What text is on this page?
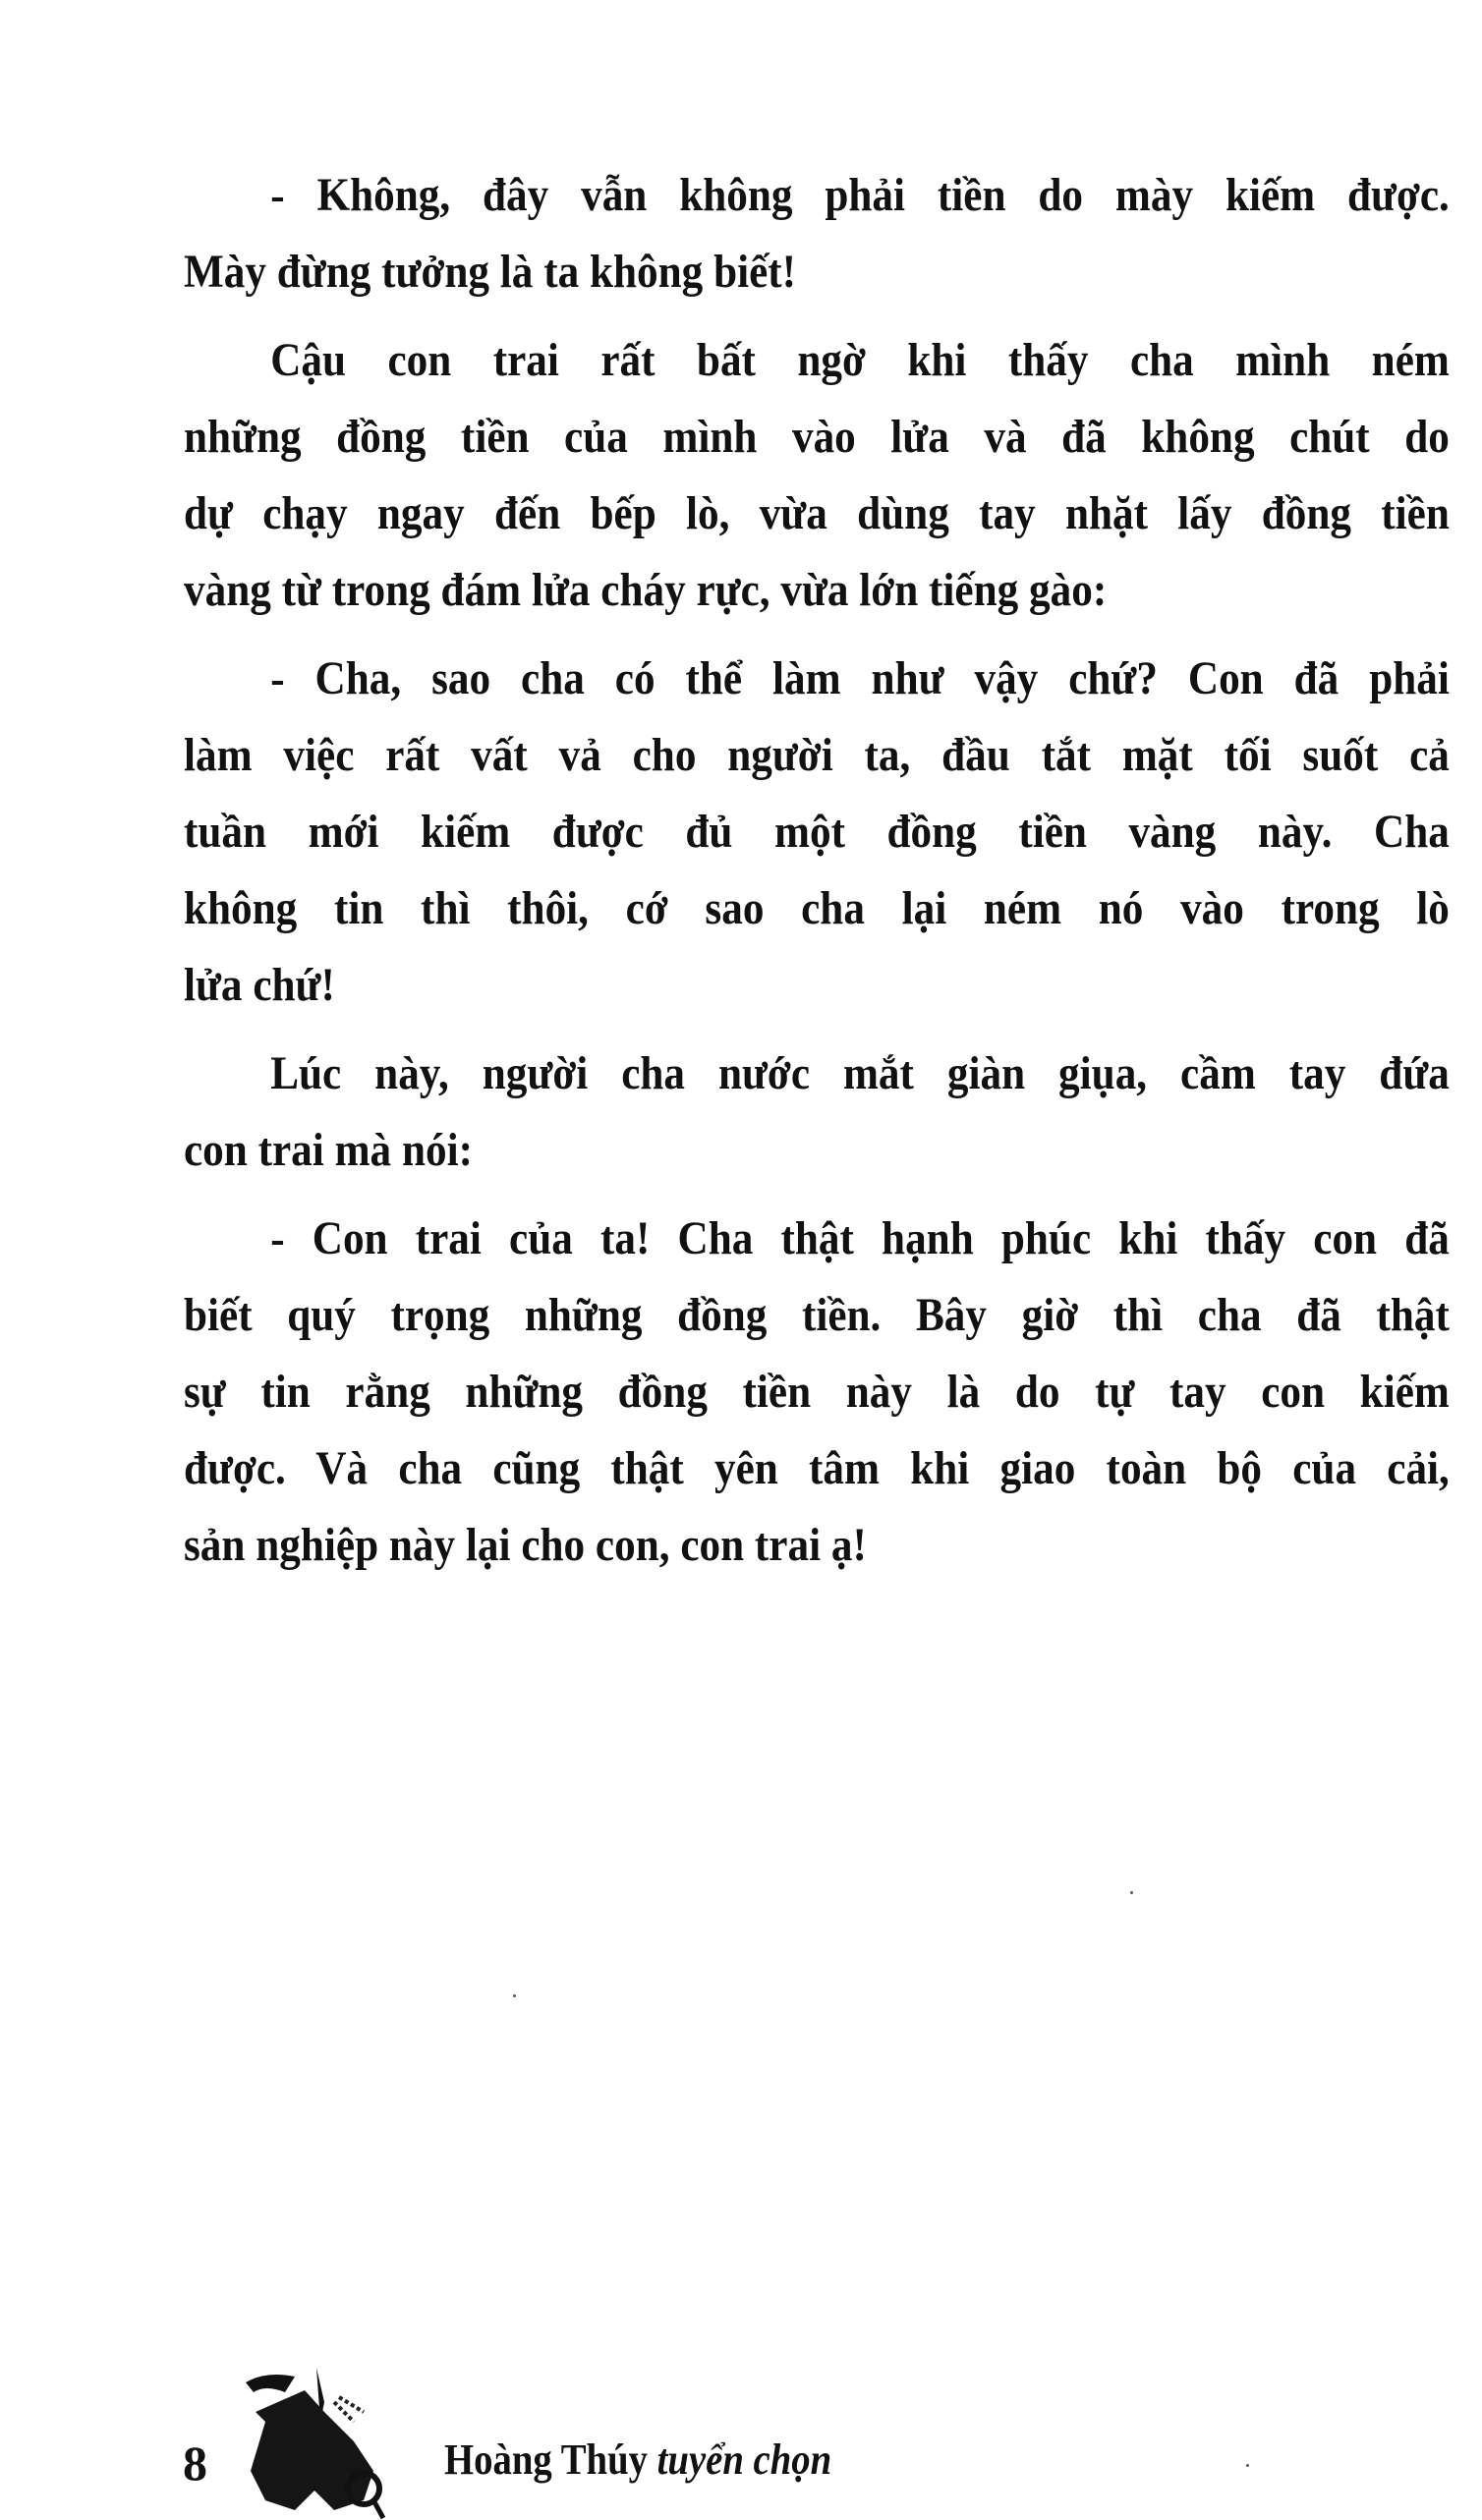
- Không, đây vẫn không phải tiền do mày kiếm được.
Mày đừng tưởng là ta không biết!
Cậu con trai rất bất ngờ khi thấy cha mình ném
những đồng tiền của mình vào lửa và đã không chút do
dự chạy ngay đến bếp lò, vừa dùng tay nhặt lấy đồng tiền
vàng từ trong đám lửa cháy rực, vừa lớn tiếng gào:
- Cha, sao cha có thể làm như vậy chứ? Con đã phải
làm việc rất vất vả cho người ta, đầu tắt mặt tối suốt cả
tuần mới kiếm được đủ một đồng tiền vàng này. Cha
không tin thì thôi, cớ sao cha lại ném nó vào trong lò
lửa chứ!
Lúc này, người cha nước mắt giàn giụa, cầm tay đứa
con trai mà nói:
- Con trai của ta! Cha thật hạnh phúc khi thấy con đã
biết quý trọng những đồng tiền. Bây giờ thì cha đã thật
sự tin rằng những đồng tiền này là do tự tay con kiếm
được. Và cha cũng thật yên tâm khi giao toàn bộ của cải,
sản nghiệp này lại cho con, con trai ạ!
8	Hoàng Thúy tuyển chọn
